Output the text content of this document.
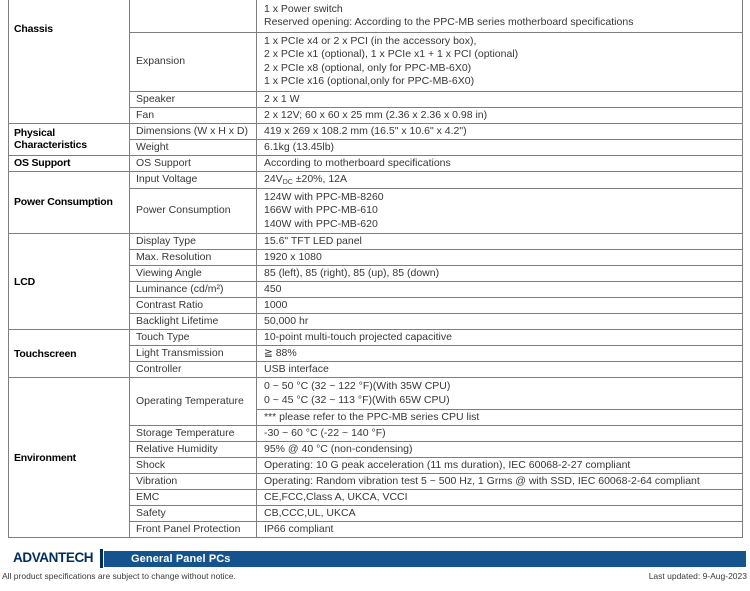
Chassis		1 x Power switch
Reserved opening: According to the PPC-MB series motherboard specifications

	Expansion	1 x PCIe x4 or 2 x PCI (in the accessory box),
2 x PCIe x1 (optional), 1 x PCIe x1 + 1 x PCI (optional)
2 x PCIe x8 (optional, only for PPC-MB-6X0)
1 x PCIe x16 (optional,only for PPC-MB-6X0)

	Speaker	2 x 1 W
	Fan	2 x 12V; 60 x 60 x 25 mm (2.36 x 2.36 x 0.98 in)
Physical Characteristics	Dimensions (W x H x D)	419 x 269 x 108.2 mm (16.5" x 10.6" x 4.2")
	Weight	6.1kg (13.45lb)
OS Support	OS Support	According to motherboard specifications
Power Consumption	Input Voltage	$24V_{DC} \pm 20\%$, 12A
	Power Consumption	124W with PPC-MB-8260
166W with PPC-MB-610
140W with PPC-MB-620

LCD	Display Type	15.6" TFT LED panel
	Max. Resolution	1920 x 1080
	Viewing Angle	85 (left), 85 (right), 85 (up), 85 (down)
	Luminance (cd/m²)	450
	Contrast Ratio	1000
	Backlight Lifetime	50,000 hr
Touchscreen	Touch Type	10-point multi-touch projected capacitive
	Light Transmission	≧ 88%
	Controller	USB interface
Environment	Operating Temperature	0 ~ 50 °C (32 ~ 122 °F)(With 35W CPU)
0 ~ 45 °C (32 ~ 113 °F)(With 65W CPU)

		*** please refer to the PPC-MB series CPU list
	Storage Temperature	-30 ~ 60 °C (-22 ~ 140 °F)
	Relative Humidity	95% @ 40 °C (non-condensing)
	Shock	Operating: 10 G peak acceleration (11 ms duration), IEC 60068-2-27 compliant
	Vibration	Operating: Random vibration test 5 ~ 500 Hz, 1 Grms @ with SSD, IEC 60068-2-64 compliant
	EMC	CE,FCC,Class A, UKCA, VCCI
	Safety	CB,CCC,UL, UKCA
	Front Panel Protection	IP66 compliant
ADVANTECH	General Panel PCs
All product specifications are subject to change without notice.	Last updated: 9-Aug-2023
